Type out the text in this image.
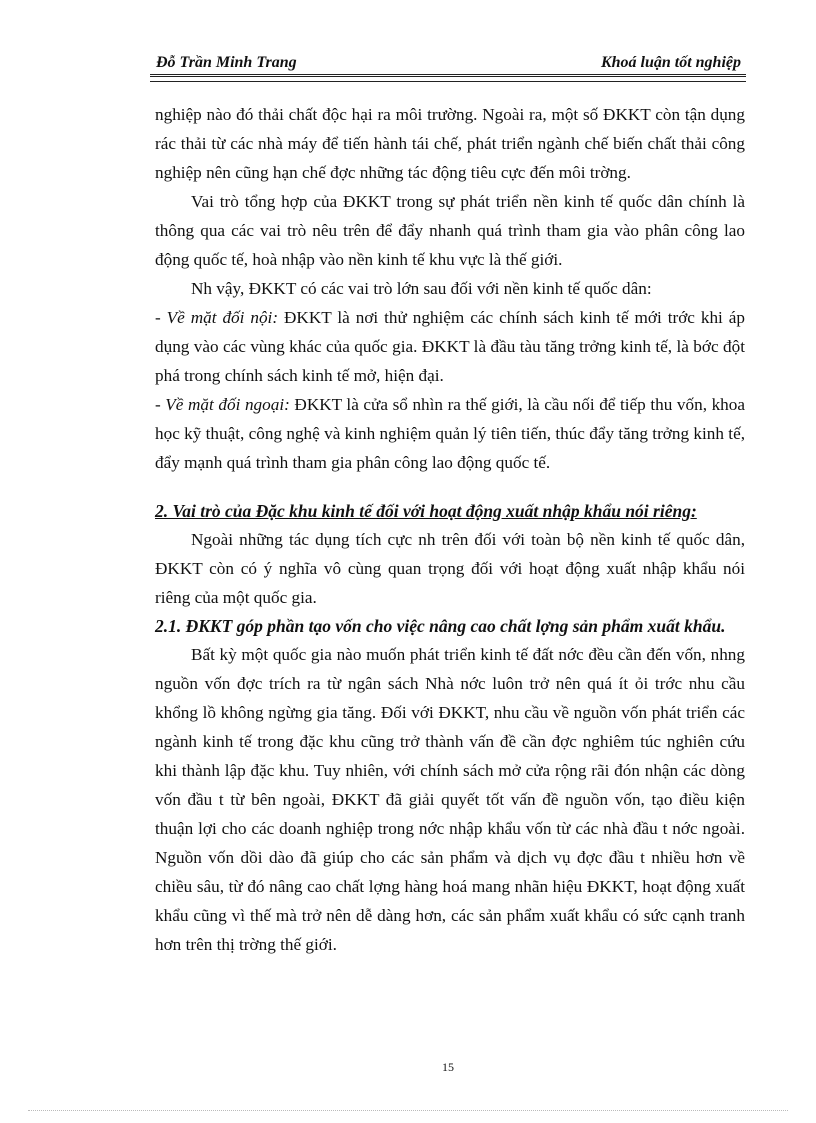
Đỗ Trần Minh Trang	Khoá luận tốt nghiệp

nghiệp nào đó thải chất độc hại ra môi trường. Ngoài ra, một số ĐKKT còn tận dụng rác thải từ các nhà máy để tiến hành tái chế, phát triển ngành chế biến chất thải công nghiệp nên cũng hạn chế đợc những tác động tiêu cực đến môi trờng.

Vai trò tổng hợp của ĐKKT trong sự phát triển nền kinh tế quốc dân chính là thông qua các vai trò nêu trên để đẩy nhanh quá trình tham gia vào phân công lao động quốc tế, hoà nhập vào nền kinh tế khu vực là thế giới.

Nh vậy, ĐKKT có các vai trò lớn sau đối với nền kinh tế quốc dân:

- Về mặt đối nội: ĐKKT là nơi thử nghiệm các chính sách kinh tế mới trớc khi áp dụng vào các vùng khác của quốc gia. ĐKKT là đầu tàu tăng trởng kinh tế, là bớc đột phá trong chính sách kinh tế mở, hiện đại.

- Về mặt đối ngoại: ĐKKT là cửa sổ nhìn ra thế giới, là cầu nối để tiếp thu vốn, khoa học kỹ thuật, công nghệ và kinh nghiệm quản lý tiên tiến, thúc đẩy tăng trởng kinh tế, đẩy mạnh quá trình tham gia phân công lao động quốc tế.

2. Vai trò của Đặc khu kinh tế đối với hoạt động xuất nhập khẩu nói riêng:

Ngoài những tác dụng tích cực nh trên đối với toàn bộ nền kinh tế quốc dân, ĐKKT còn có ý nghĩa vô cùng quan trọng đối với hoạt động xuất nhập khẩu nói riêng của một quốc gia.

2.1. ĐKKT góp phần tạo vốn cho việc nâng cao chất lợng sản phẩm xuất khẩu.

Bất kỳ một quốc gia nào muốn phát triển kinh tế đất nớc đều cần đến vốn, nhng nguồn vốn đợc trích ra từ ngân sách Nhà nớc luôn trở nên quá ít ỏi trớc nhu cầu khổng lồ không ngừng gia tăng. Đối với ĐKKT, nhu cầu về nguồn vốn phát triển các ngành kinh tế trong đặc khu cũng trở thành vấn đề cần đợc nghiêm túc nghiên cứu khi thành lập đặc khu. Tuy nhiên, với chính sách mở cửa rộng rãi đón nhận các dòng vốn đầu t từ bên ngoài, ĐKKT đã giải quyết tốt vấn đề nguồn vốn, tạo điều kiện thuận lợi cho các doanh nghiệp trong nớc nhập khẩu vốn từ các nhà đầu t nớc ngoài. Nguồn vốn dồi dào đã giúp cho các sản phẩm và dịch vụ đợc đầu t nhiều hơn về chiều sâu, từ đó nâng cao chất lợng hàng hoá mang nhãn hiệu ĐKKT, hoạt động xuất khẩu cũng vì thế mà trở nên dễ dàng hơn, các sản phẩm xuất khẩu có sức cạnh tranh hơn trên thị trờng thế giới.

15
